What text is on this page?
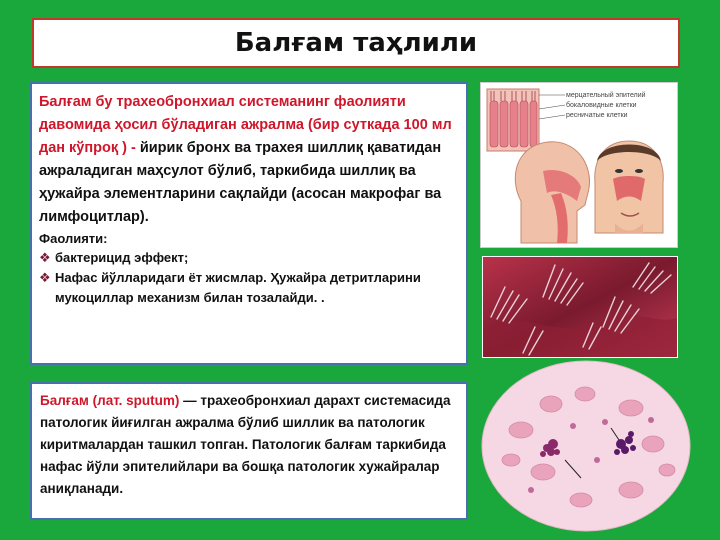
Балғам таҳлили

Балғам бу трахеобронхиал системанинг фаолияти давомида ҳосил бўладиган ажралма (бир суткада 100 мл дан кўпроқ ) - йирик бронх ва трахея шиллиқ қаватидан ажраладиган маҳсулот бўлиб, таркибида шиллиқ ва ҳужайра элементларини сақлайди (асосан макрофаг ва лимфоцитлар).

Фаолияти:

❖ бактерицид эффект;

❖ Нафас йўлларидаги ёт жисмлар. Ҳужайра детритларини мукоциллар механизм билан тозалайди. .

Балғам (лат. sputum) — трахеобронхиал дарахт системасида патологик йиғилган ажралма бўлиб шиллик ва патологик киритмалардан ташкил топган. Патологик балғам таркибида нафас йўли эпителийлари ва бошқа патологик хужайралар аниқланади.

мерцательный эпителий
бокаловидные клетки
ресничатые клетки
